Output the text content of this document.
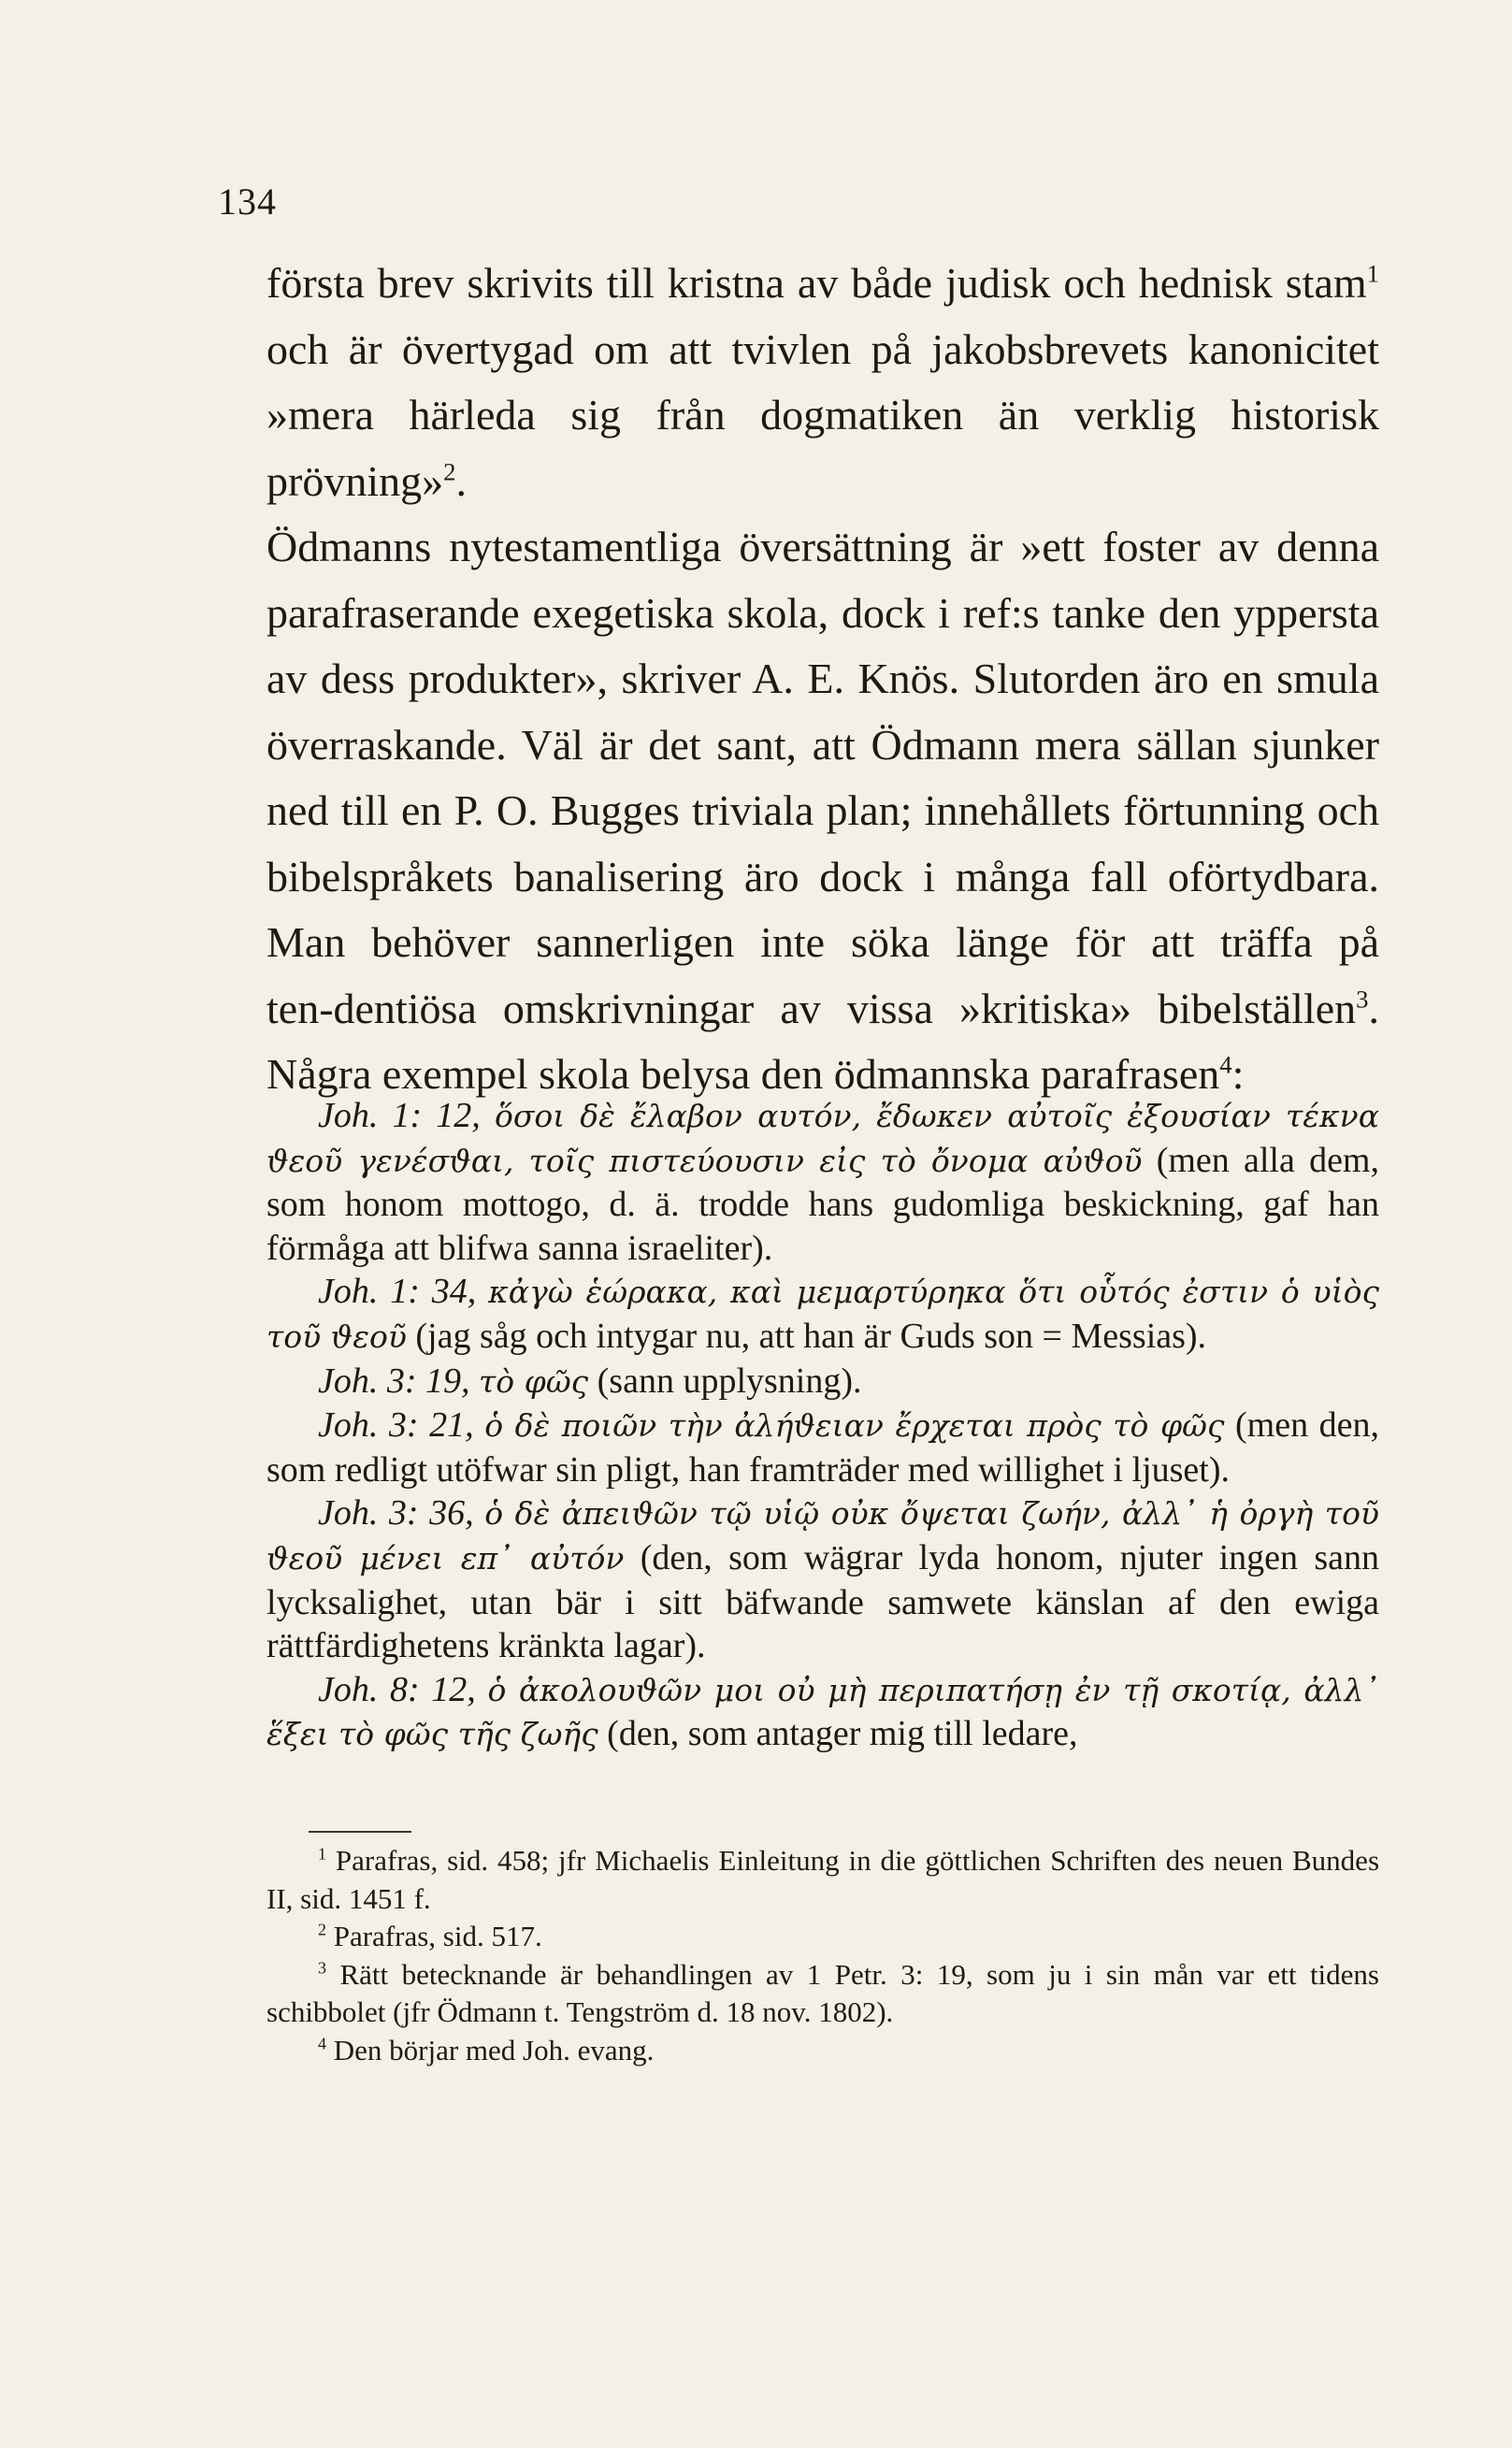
134

första brev skrivits till kristna av både judisk och hednisk stam$^1$ och är övertygad om att tvivlen på jakobsbrevets kanonicitet »mera härleda sig från dogmatiken än verklig historisk prövning»$^2$.

Ödmanns nytestamentliga översättning är »ett foster av denna parafraserande exegetiska skola, dock i ref:s tanke den yppersta av dess produkter», skriver A. E. Knös. Slutorden äro en smula överraskande. Väl är det sant, att Ödmann mera sällan sjunker ned till en P. O. Bugges triviala plan; innehållets förtunning och bibelspråkets banalisering äro dock i många fall oförtydbara. Man behöver sannerligen inte söka länge för att träffa på ten‑dentiösa omskrivningar av vissa »kritiska» bibelställen$^3$. Några exempel skola belysa den ödmannska parafrasen$^4$:

Joh. 1: 12, ὅσοι δὲ ἔλαβον αυτόν, ἔδωκεν αὐτοῖς ἐξουσίαν τέκνα ϑεοῦ γενέσϑαι, τοῖς πιστεύουσιν εἰς τὸ ὄνομα αὐϑοῦ (men alla dem, som honom mottogo, d. ä. trodde hans gudomliga beskickning, gaf han förmåga att blifwa sanna israeliter).

Joh. 1: 34, κἀγὼ ἑώρακα, καὶ μεμαρτύρηκα ὅτι οὗτός ἐστιν ὁ υἱὸς τοῦ ϑεοῦ (jag såg och intygar nu, att han är Guds son = Messias).

Joh. 3: 19, τὸ φῶς (sann upplysning).

Joh. 3: 21, ὁ δὲ ποιῶν τὴν ἀλήϑειαν ἔρχεται πρὸς τὸ φῶς (men den, som redligt utöfwar sin pligt, han framträder med willighet i ljuset).

Joh. 3: 36, ὁ δὲ ἀπειϑῶν τῷ υἱῷ οὐκ ὄψεται ζωήν, ἀλλ᾽ ἡ ὀργὴ τοῦ ϑεοῦ μένει επ᾽ αὐτόν (den, som wägrar lyda honom, njuter ingen sann lycksalighet, utan bär i sitt bäfwande samwete känslan af den ewiga rättfärdighetens kränkta lagar).

Joh. 8: 12, ὁ ἀκολουϑῶν μοι οὐ μὴ περιπατήσῃ ἐν τῇ σκοτίᾳ, ἀλλ᾽ ἕξει τὸ φῶς τῆς ζωῆς (den, som antager mig till ledare,

$^1$ Parafras, sid. 458; jfr Michaelis Einleitung in die göttlichen Schriften des neuen Bundes II, sid. 1451 f.

$^2$ Parafras, sid. 517.

$^3$ Rätt betecknande är behandlingen av 1 Petr. 3: 19, som ju i sin mån var ett tidens schibbolet (jfr Ödmann t. Tengström d. 18 nov. 1802).

$^4$ Den börjar med Joh. evang.
